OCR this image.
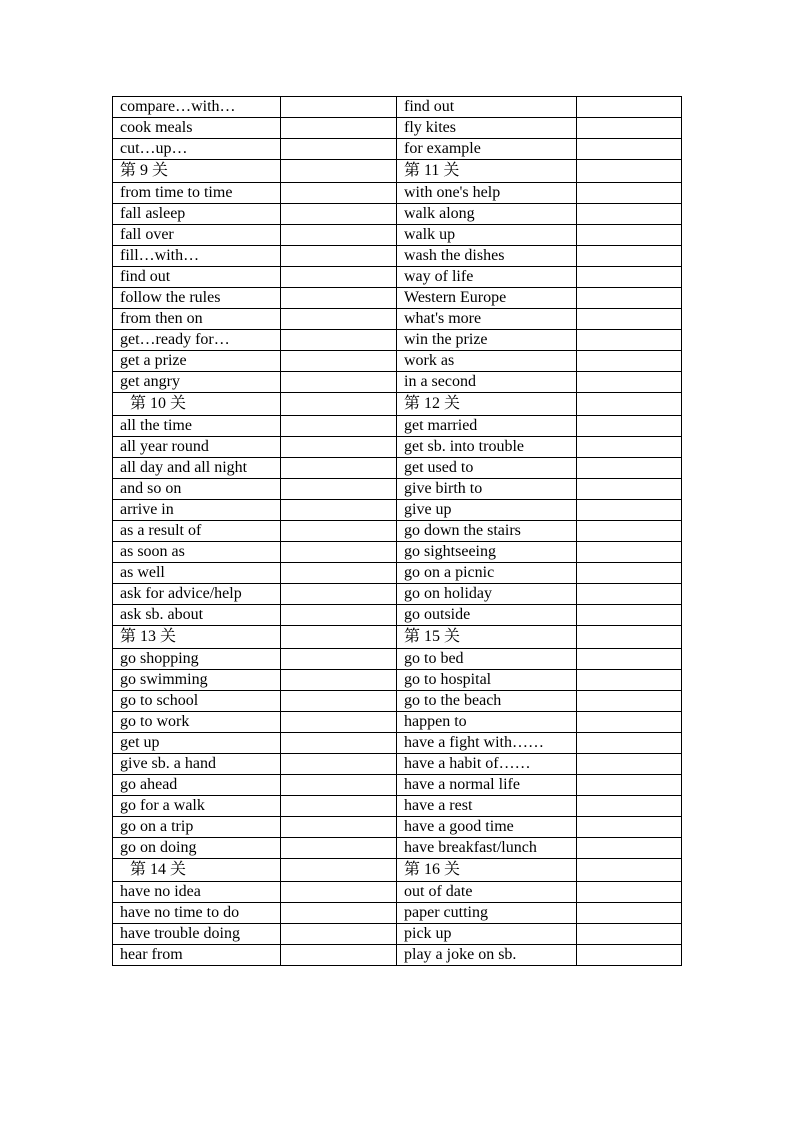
compare…with…		find out	
cook meals		fly kites	
cut…up…		for example	
第 9 关		第 11 关	
from time to time		with one's help	
fall asleep		walk along	
fall over		walk up	
fill…with…		wash the dishes	
find out		way of life	
follow the rules		Western Europe	
from then on		what's more	
get…ready for…		win the prize	
get a prize		work as	
get angry		in a second	
第 10 关		第 12 关	
all the time		get married	
all year round		get sb. into trouble	
all day and all night		get used to	
and so on		give birth to	
arrive in		give up	
as a result of		go down the stairs	
as soon as		go sightseeing	
as well		go on a picnic	
ask for advice/help		go on holiday	
ask sb. about		go outside	
第 13 关		第 15 关	
go shopping		go to bed	
go swimming		go to hospital	
go to school		go to the beach	
go to work		happen to	
get up		have a fight with……	
give sb. a hand		have a habit of……	
go ahead		have a normal life	
go for a walk		have a rest	
go on a trip		have a good time	
go on doing		have breakfast/lunch	
第 14 关		第 16 关	
have no idea		out of date	
have no time to do		paper cutting	
have trouble doing		pick up	
hear from		play a joke on sb.	
